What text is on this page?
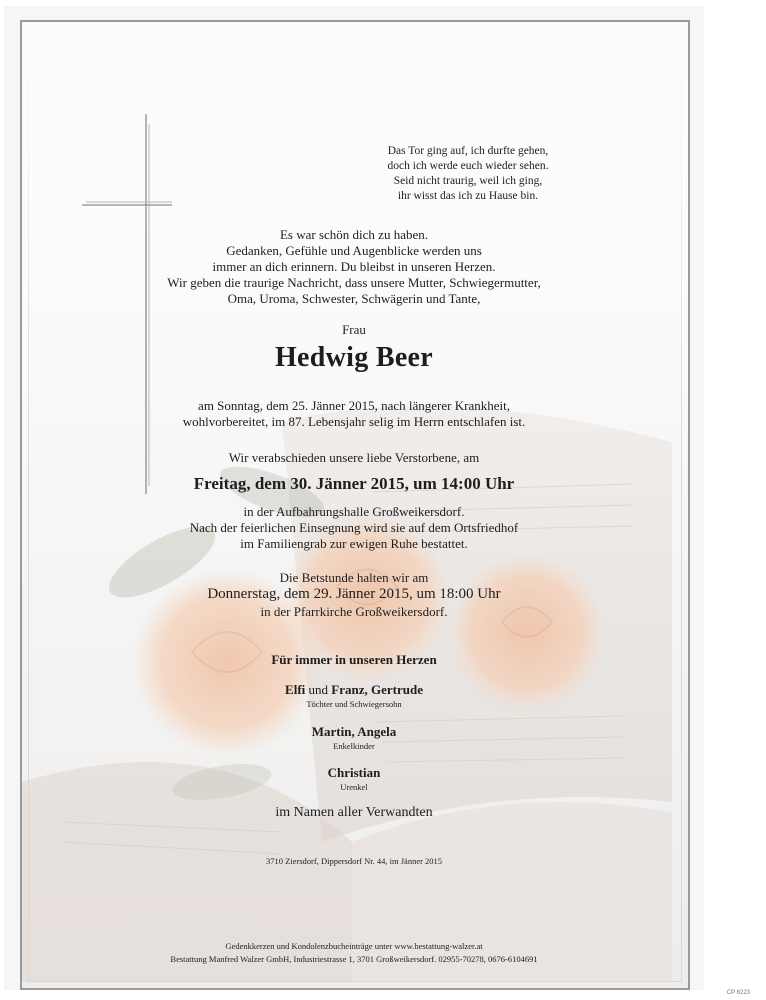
Das Tor ging auf, ich durfte gehen,
doch ich werde euch wieder sehen.
Seid nicht traurig, weil ich ging,
ihr wisst das ich zu Hause bin.
Es war schön dich zu haben.
Gedanken, Gefühle und Augenblicke werden uns
immer an dich erinnern. Du bleibst in unseren Herzen.
Wir geben die traurige Nachricht, dass unsere Mutter, Schwiegermutter,
Oma, Uroma, Schwester, Schwägerin und Tante,
Frau
Hedwig Beer
am Sonntag, dem 25. Jänner 2015, nach längerer Krankheit,
wohlvorbereitet, im 87. Lebensjahr selig im Herrn entschlafen ist.
Wir verabschieden unsere liebe Verstorbene, am
Freitag, dem 30. Jänner 2015, um 14:00 Uhr
in der Aufbahrungshalle Großweikersdorf.
Nach der feierlichen Einsegnung wird sie auf dem Ortsfriedhof
im Familiengrab zur ewigen Ruhe bestattet.
Die Betstunde halten wir am
Donnerstag, dem 29. Jänner 2015, um 18:00 Uhr
in der Pfarrkirche Großweikersdorf.
Für immer in unseren Herzen
Elfi und Franz, Gertrude
Töchter und Schwiegersohn
Martin, Angela
Enkelkinder
Christian
Urenkel
im Namen aller Verwandten
3710 Ziersdorf, Dippersdorf Nr. 44, im Jänner 2015
Gedenkkerzen und Kondolenzbucheinträge unter www.bestattung-walzer.at
Bestattung Manfred Walzer GmbH, Industriestrasse 1, 3701 Großweikersdorf. 02955-70278, 0676-6104691
CP 8223
